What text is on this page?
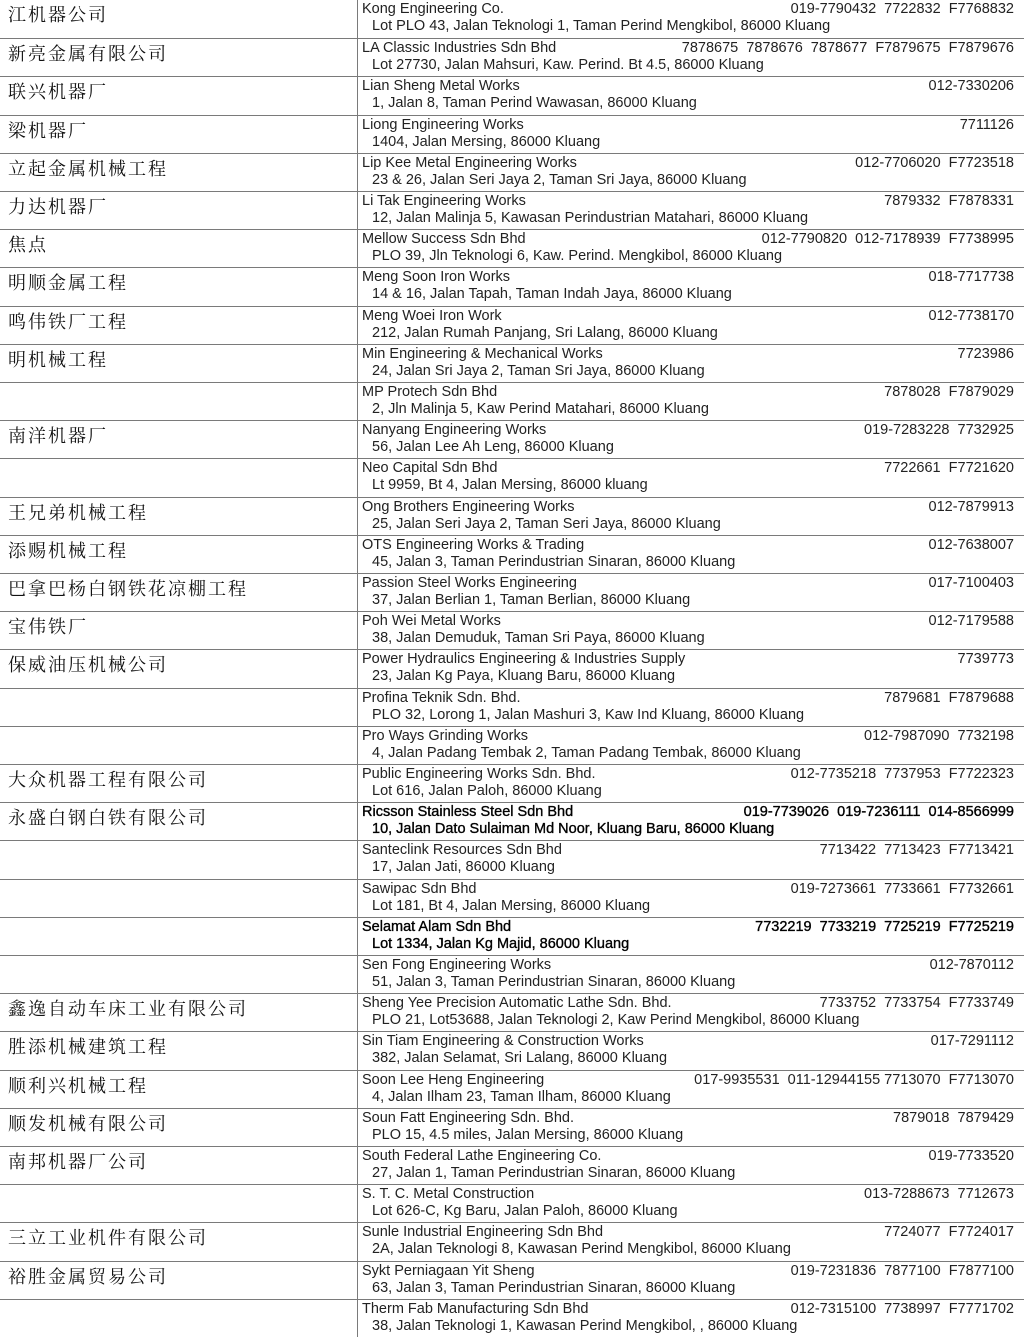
江机器公司	Kong Engineering Co.	019-7790432  7722832  F7768832
Lot PLO 43, Jalan Teknologi 1, Taman Perind Mengkibol, 86000 Kluang
新亮金属有限公司	LA Classic Industries Sdn Bhd	7878675  7878676  7878677  F7879675  F7879676
Lot 27730, Jalan Mahsuri, Kaw. Perind. Bt 4.5, 86000 Kluang
联兴机器厂	Lian Sheng Metal Works	012-7330206
1, Jalan 8, Taman Perind Wawasan, 86000 Kluang
梁机器厂	Liong Engineering Works	7711126
1404, Jalan Mersing, 86000 Kluang
立起金属机械工程	Lip Kee Metal Engineering Works	012-7706020  F7723518
23 & 26, Jalan Seri Jaya 2, Taman Sri Jaya, 86000 Kluang
力达机器厂	Li Tak Engineering Works	7879332  F7878331
12, Jalan Malinja 5, Kawasan Perindustrian Matahari, 86000 Kluang
焦点	Mellow Success Sdn Bhd	012-7790820  012-7178939  F7738995
PLO 39, Jln Teknologi 6, Kaw. Perind. Mengkibol, 86000 Kluang
明顺金属工程	Meng Soon Iron Works	018-7717738
14 & 16, Jalan Tapah, Taman Indah Jaya, 86000 Kluang
鸣伟铁厂工程	Meng Woei Iron Work	012-7738170
212, Jalan Rumah Panjang, Sri Lalang, 86000 Kluang
明机械工程	Min Engineering & Mechanical Works	7723986
24, Jalan Sri Jaya 2, Taman Sri Jaya, 86000 Kluang
MP Protech Sdn Bhd	7878028  F7879029
2, Jln Malinja 5, Kaw Perind Matahari, 86000 Kluang
南洋机器厂	Nanyang Engineering Works	019-7283228  7732925
56, Jalan Lee Ah Leng, 86000 Kluang
Neo Capital Sdn Bhd	7722661  F7721620
Lt 9959, Bt 4, Jalan Mersing, 86000 kluang
王兄弟机械工程	Ong Brothers Engineering Works	012-7879913
25, Jalan Seri Jaya 2, Taman Seri Jaya, 86000 Kluang
添赐机械工程	OTS Engineering Works & Trading	012-7638007
45, Jalan 3, Taman Perindustrian Sinaran, 86000 Kluang
巴拿巴杨白钢铁花凉棚工程	Passion Steel Works Engineering	017-7100403
37, Jalan Berlian 1, Taman Berlian, 86000 Kluang
宝伟铁厂	Poh Wei Metal Works	012-7179588
38, Jalan Demuduk, Taman Sri Paya, 86000 Kluang
保威油压机械公司	Power Hydraulics Engineering & Industries Supply	7739773
23, Jalan Kg Paya, Kluang Baru, 86000 Kluang
Profina Teknik Sdn. Bhd.	7879681  F7879688
PLO 32, Lorong 1, Jalan Mashuri 3, Kaw Ind Kluang, 86000 Kluang
Pro Ways Grinding Works	012-7987090  7732198
4, Jalan Padang Tembak 2, Taman Padang Tembak, 86000 Kluang
大众机器工程有限公司	Public Engineering Works Sdn. Bhd.	012-7735218  7737953  F7722323
Lot 616, Jalan Paloh, 86000 Kluang
永盛白钢白铁有限公司	Ricsson Stainless Steel Sdn Bhd	019-7739026  019-7236111  014-8566999
10, Jalan Dato Sulaiman Md Noor, Kluang Baru, 86000 Kluang
Santeclink Resources Sdn Bhd	7713422  7713423  F7713421
17, Jalan Jati, 86000 Kluang
Sawipac Sdn Bhd	019-7273661  7733661  F7732661
Lot 181, Bt 4, Jalan Mersing, 86000 Kluang
Selamat Alam Sdn Bhd	7732219  7733219  7725219  F7725219
Lot 1334, Jalan Kg Majid, 86000 Kluang
Sen Fong Engineering Works	012-7870112
51, Jalan 3, Taman Perindustrian Sinaran, 86000 Kluang
鑫逸自动车床工业有限公司	Sheng Yee Precision Automatic Lathe Sdn. Bhd.	7733752  7733754  F7733749
PLO 21, Lot53688, Jalan Teknologi 2, Kaw Perind Mengkibol, 86000 Kluang
胜添机械建筑工程	Sin Tiam Engineering & Construction Works	017-7291112
382, Jalan Selamat, Sri Lalang, 86000 Kluang
顺利兴机械工程	Soon Lee Heng Engineering	017-9935531  011-12944155 7713070  F7713070
4, Jalan Ilham 23, Taman Ilham, 86000 Kluang
顺发机械有限公司	Soun Fatt Engineering Sdn. Bhd.	7879018  7879429
PLO 15, 4.5 miles, Jalan Mersing, 86000 Kluang
南邦机器厂公司	South Federal Lathe Engineering Co.	019-7733520
27, Jalan 1, Taman Perindustrian Sinaran, 86000 Kluang
S. T. C. Metal Construction	013-7288673  7712673
Lot 626-C, Kg Baru, Jalan Paloh, 86000 Kluang
三立工业机件有限公司	Sunle Industrial Engineering Sdn Bhd	7724077  F7724017
2A, Jalan Teknologi 8, Kawasan Perind Mengkibol, 86000 Kluang
裕胜金属贸易公司	Sykt Perniagaan Yit Sheng	019-7231836  7877100  F7877100
63, Jalan 3, Taman Perindustrian Sinaran, 86000 Kluang
Therm Fab Manufacturing Sdn Bhd	012-7315100  7738997  F7771702
38, Jalan Teknologi 1, Kawasan Perind Mengkibol, , 86000 Kluang
